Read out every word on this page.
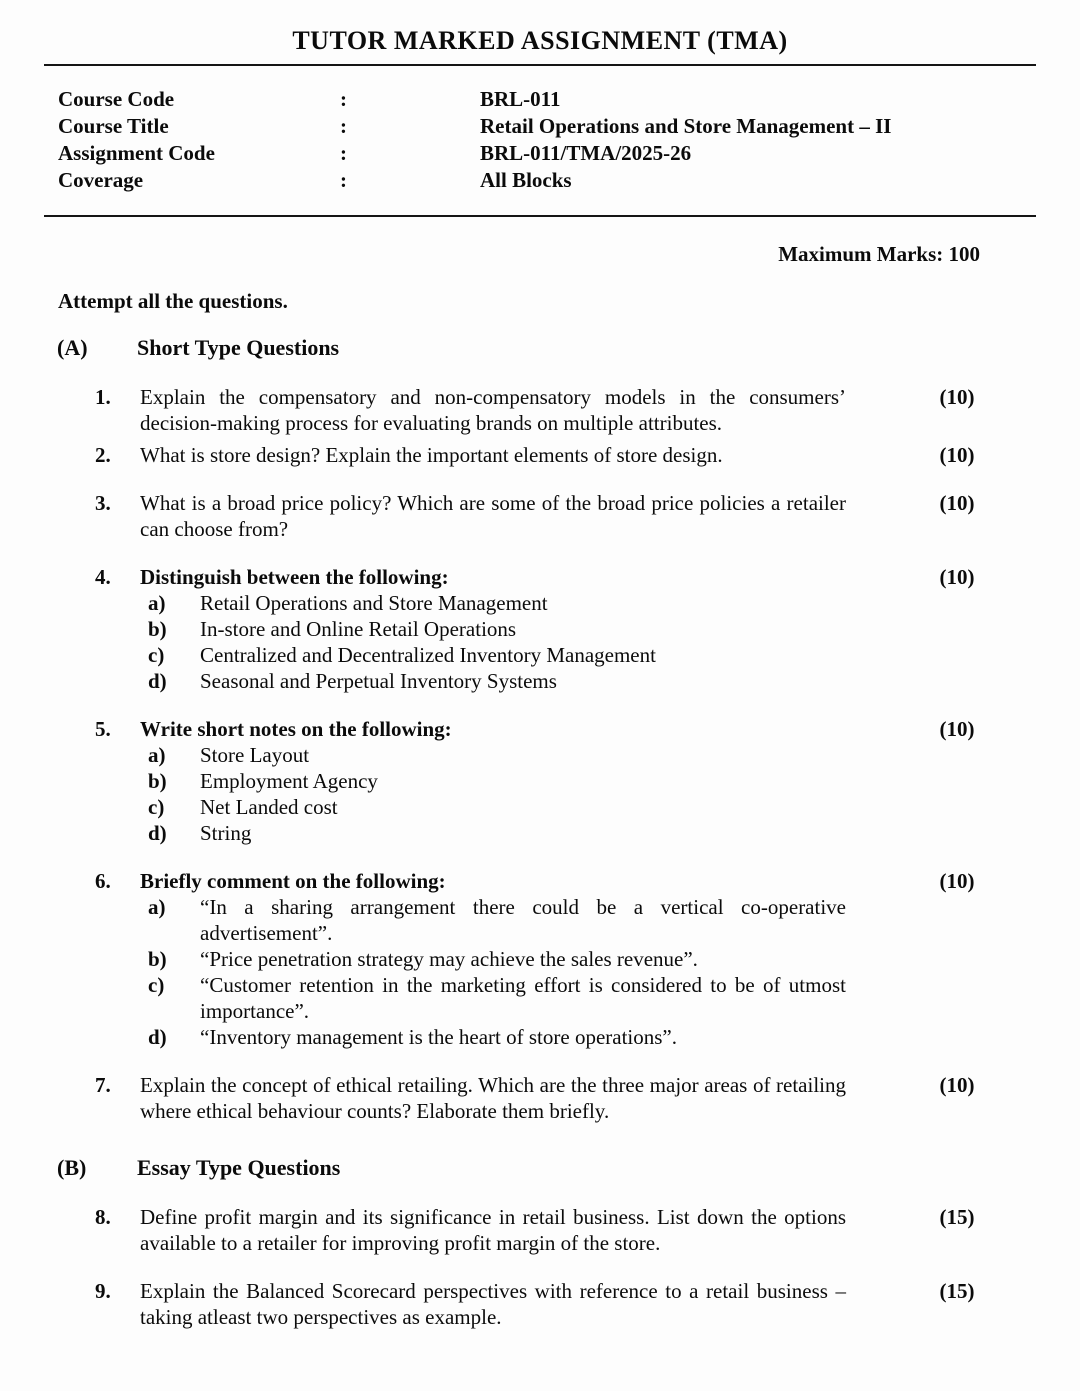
TUTOR MARKED ASSIGNMENT (TMA)
Course Code	:	BRL-011
Course Title	:	Retail Operations and Store Management – II
Assignment Code	:	BRL-011/TMA/2025-26
Coverage	:	All Blocks
Maximum Marks: 100
Attempt all the questions.
(A)	Short Type Questions
1.	Explain the compensatory and non-compensatory models in the consumers’ decision-making process for evaluating brands on multiple attributes.
(10)
2.	What is store design? Explain the important elements of store design.	(10)
3.	What is a broad price policy? Which are some of the broad price policies a retailer can choose from?
(10)
4.	Distinguish between the following:
a)	Retail Operations and Store Management
b)	In-store and Online Retail Operations
c)	Centralized and Decentralized Inventory Management
d)	Seasonal and Perpetual Inventory Systems
(10)
5.	Write short notes on the following:
a)	Store Layout
b)	Employment Agency
c)	Net Landed cost
d)	String
(10)
6.	Briefly comment on the following:
a)	“In a sharing arrangement there could be a vertical co-operative advertisement”.
b)	“Price penetration strategy may achieve the sales revenue”.
c)	“Customer retention in the marketing effort is considered to be of utmost importance”.
d)	“Inventory management is the heart of store operations”.
(10)
7.	Explain the concept of ethical retailing. Which are the three major areas of retailing where ethical behaviour counts? Elaborate them briefly.
(10)
(B)	Essay Type Questions
8.	Define profit margin and its significance in retail business. List down the options available to a retailer for improving profit margin of the store.
(15)
9.	Explain the Balanced Scorecard perspectives with reference to a retail business –taking atleast two perspectives as example.
(15)
